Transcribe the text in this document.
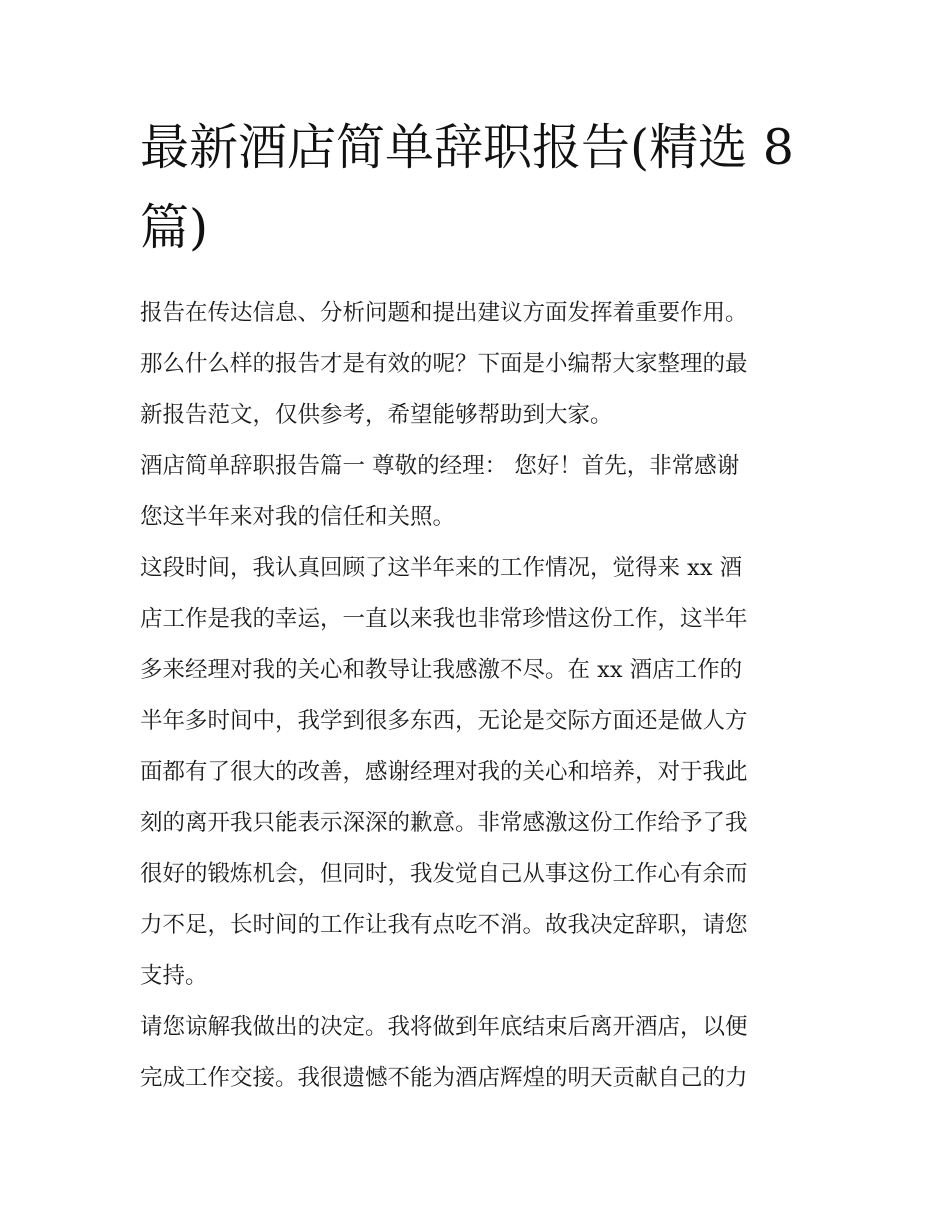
最新酒店简单辞职报告(精选 8
篇)

报告在传达信息、分析问题和提出建议方面发挥着重要作用。
那么什么样的报告才是有效的呢？下面是小编帮大家整理的最
新报告范文，仅供参考，希望能够帮助到大家。

酒店简单辞职报告篇一 尊敬的经理： 您好！首先，非常感谢
您这半年来对我的信任和关照。

这段时间，我认真回顾了这半年来的工作情况，觉得来 xx 酒
店工作是我的幸运，一直以来我也非常珍惜这份工作，这半年
多来经理对我的关心和教导让我感激不尽。在 xx 酒店工作的
半年多时间中，我学到很多东西，无论是交际方面还是做人方
面都有了很大的改善，感谢经理对我的关心和培养，对于我此
刻的离开我只能表示深深的歉意。非常感激这份工作给予了我
很好的锻炼机会，但同时，我发觉自己从事这份工作心有余而
力不足，长时间的工作让我有点吃不消。故我决定辞职，请您
支持。

请您谅解我做出的决定。我将做到年底结束后离开酒店，以便
完成工作交接。我很遗憾不能为酒店辉煌的明天贡献自己的力
